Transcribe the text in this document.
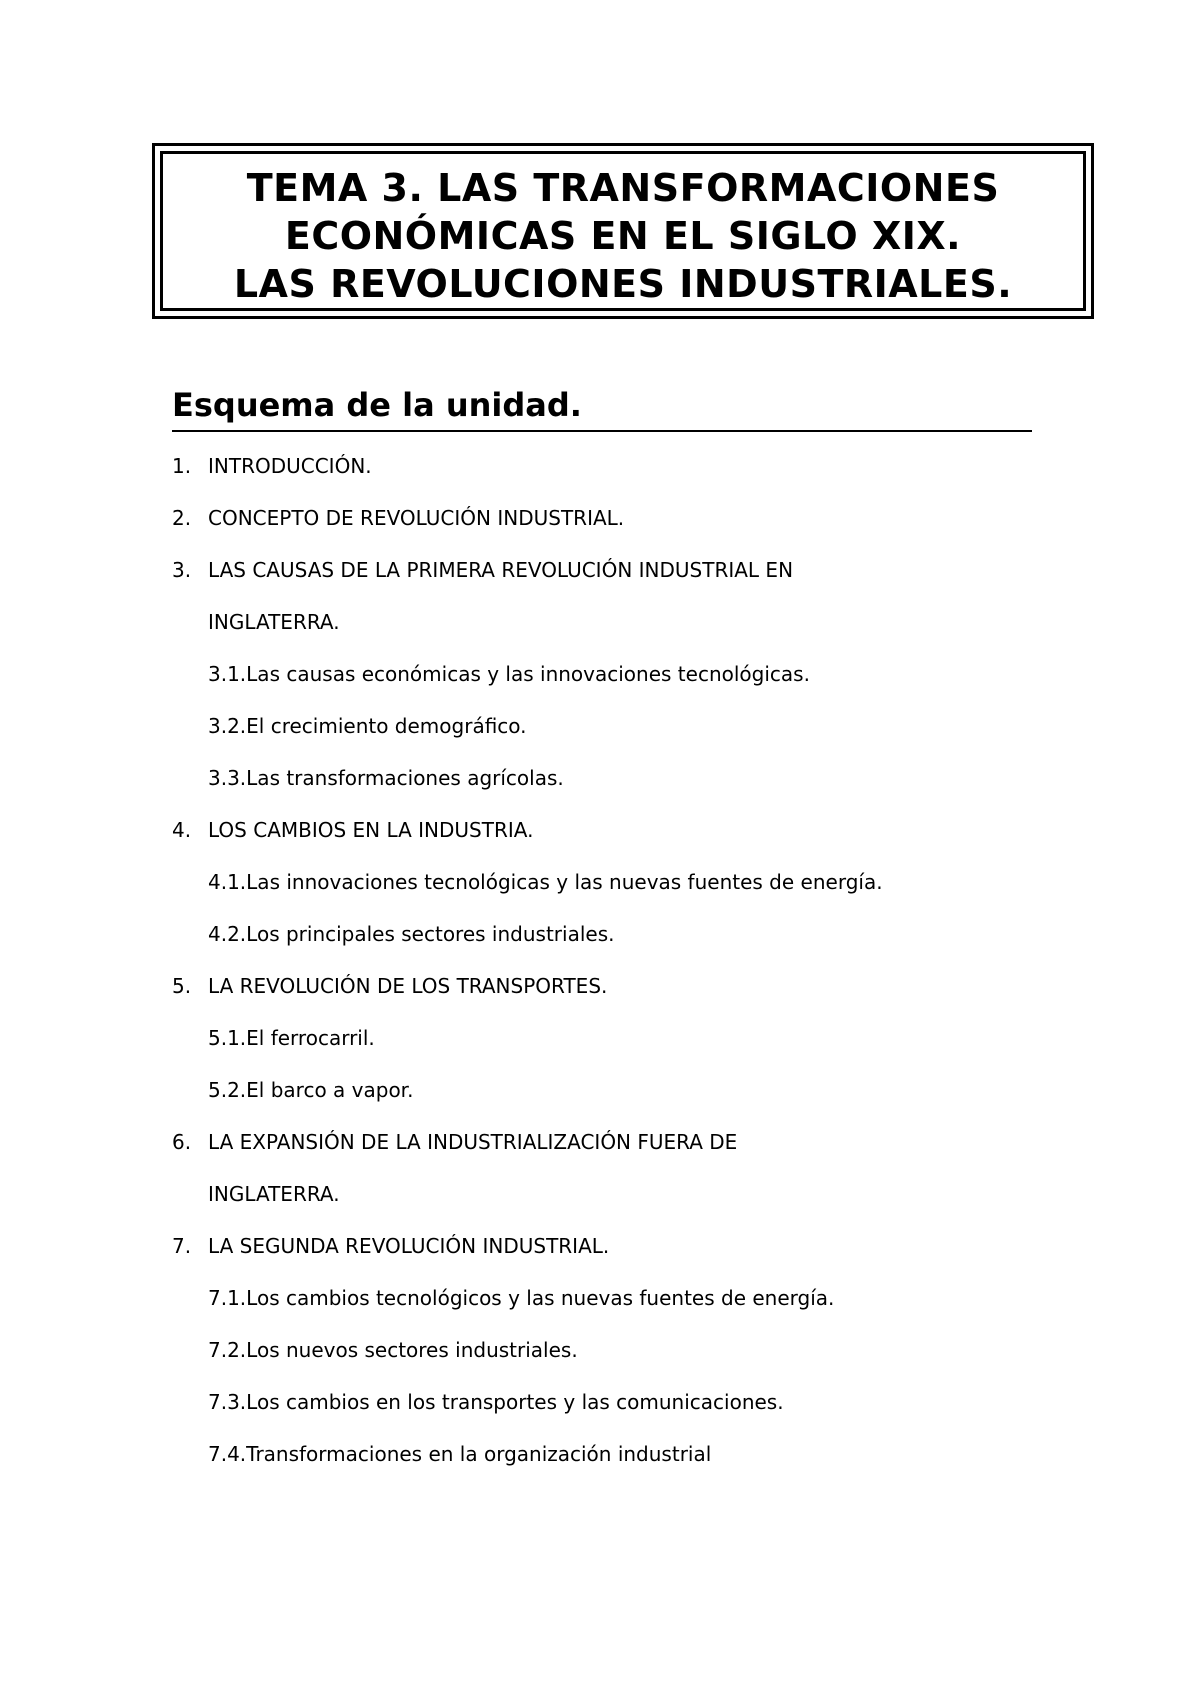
TEMA 3. LAS TRANSFORMACIONES
ECONÓMICAS EN EL SIGLO XIX.
LAS REVOLUCIONES INDUSTRIALES.
Esquema de la unidad.
1. INTRODUCCIÓN.
2. CONCEPTO DE REVOLUCIÓN INDUSTRIAL.
3. LAS CAUSAS DE LA PRIMERA REVOLUCIÓN INDUSTRIAL EN
INGLATERRA.
3.1.Las causas económicas y las innovaciones tecnológicas.
3.2.El crecimiento demográfico.
3.3.Las transformaciones agrícolas.
4. LOS CAMBIOS EN LA INDUSTRIA.
4.1.Las innovaciones tecnológicas y las nuevas fuentes de energía.
4.2.Los principales sectores industriales.
5. LA REVOLUCIÓN DE LOS TRANSPORTES.
5.1.El ferrocarril.
5.2.El barco a vapor.
6. LA EXPANSIÓN DE LA INDUSTRIALIZACIÓN FUERA DE
INGLATERRA.
7. LA SEGUNDA REVOLUCIÓN INDUSTRIAL.
7.1.Los cambios tecnológicos y las nuevas fuentes de energía.
7.2.Los nuevos sectores industriales.
7.3.Los cambios en los transportes y las comunicaciones.
7.4.Transformaciones en la organización industrial
